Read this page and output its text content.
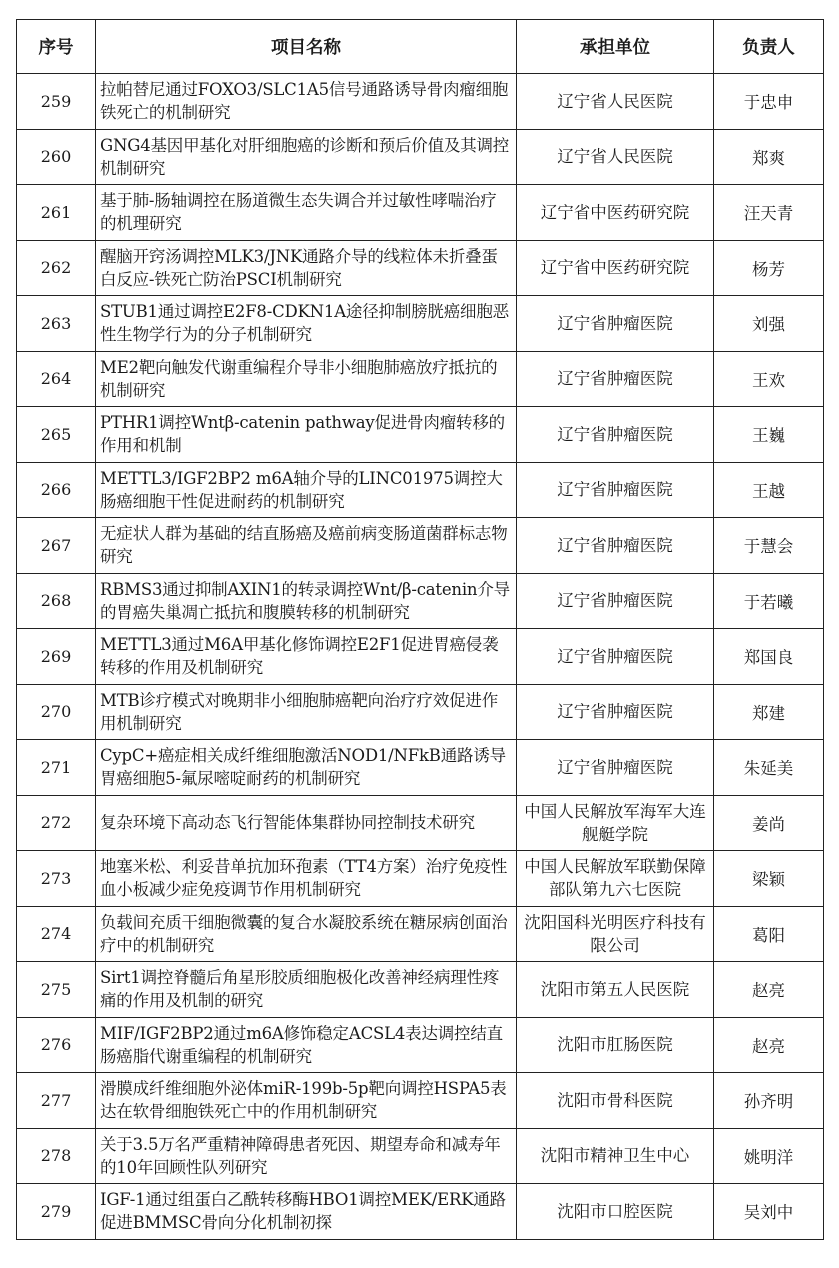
序号	项目名称	承担单位	负责人
259	拉帕替尼通过FOXO3/SLC1A5信号通路诱导骨肉瘤细胞铁死亡的机制研究	辽宁省人民医院	于忠申
260	GNG4基因甲基化对肝细胞癌的诊断和预后价值及其调控机制研究	辽宁省人民医院	郑爽
261	基于肺-肠轴调控在肠道微生态失调合并过敏性哮喘治疗的机理研究	辽宁省中医药研究院	汪天青
262	醒脑开窍汤调控MLK3/JNK通路介导的线粒体未折叠蛋白反应-铁死亡防治PSCI机制研究	辽宁省中医药研究院	杨芳
263	STUB1通过调控E2F8-CDKN1A途径抑制膀胱癌细胞恶性生物学行为的分子机制研究	辽宁省肿瘤医院	刘强
264	ME2靶向触发代谢重编程介导非小细胞肺癌放疗抵抗的机制研究	辽宁省肿瘤医院	王欢
265	PTHR1调控Wntβ-catenin pathway促进骨肉瘤转移的作用和机制	辽宁省肿瘤医院	王巍
266	METTL3/IGF2BP2 m6A轴介导的LINC01975调控大肠癌细胞干性促进耐药的机制研究	辽宁省肿瘤医院	王越
267	无症状人群为基础的结直肠癌及癌前病变肠道菌群标志物研究	辽宁省肿瘤医院	于慧会
268	RBMS3通过抑制AXIN1的转录调控Wnt/β-catenin介导的胃癌失巢凋亡抵抗和腹膜转移的机制研究	辽宁省肿瘤医院	于若曦
269	METTL3通过M6A甲基化修饰调控E2F1促进胃癌侵袭转移的作用及机制研究	辽宁省肿瘤医院	郑国良
270	MTB诊疗模式对晚期非小细胞肺癌靶向治疗疗效促进作用机制研究	辽宁省肿瘤医院	郑建
271	CypC+癌症相关成纤维细胞激活NOD1/NFkB通路诱导胃癌细胞5-氟尿嘧啶耐药的机制研究	辽宁省肿瘤医院	朱延美
272	复杂环境下高动态飞行智能体集群协同控制技术研究	中国人民解放军海军大连舰艇学院	姜尚
273	地塞米松、利妥昔单抗加环孢素（TT4方案）治疗免疫性血小板减少症免疫调节作用机制研究	中国人民解放军联勤保障部队第九六七医院	梁颖
274	负载间充质干细胞微囊的复合水凝胶系统在糖尿病创面治疗中的机制研究	沈阳国科光明医疗科技有限公司	葛阳
275	Sirt1调控脊髓后角星形胶质细胞极化改善神经病理性疼痛的作用及机制的研究	沈阳市第五人民医院	赵亮
276	MIF/IGF2BP2通过m6A修饰稳定ACSL4表达调控结直肠癌脂代谢重编程的机制研究	沈阳市肛肠医院	赵亮
277	滑膜成纤维细胞外泌体miR-199b-5p靶向调控HSPA5表达在软骨细胞铁死亡中的作用机制研究	沈阳市骨科医院	孙齐明
278	关于3.5万名严重精神障碍患者死因、期望寿命和减寿年的10年回顾性队列研究	沈阳市精神卫生中心	姚明洋
279	IGF-1通过组蛋白乙酰转移酶HBO1调控MEK/ERK通路促进BMMSC骨向分化机制初探	沈阳市口腔医院	吴刘中
